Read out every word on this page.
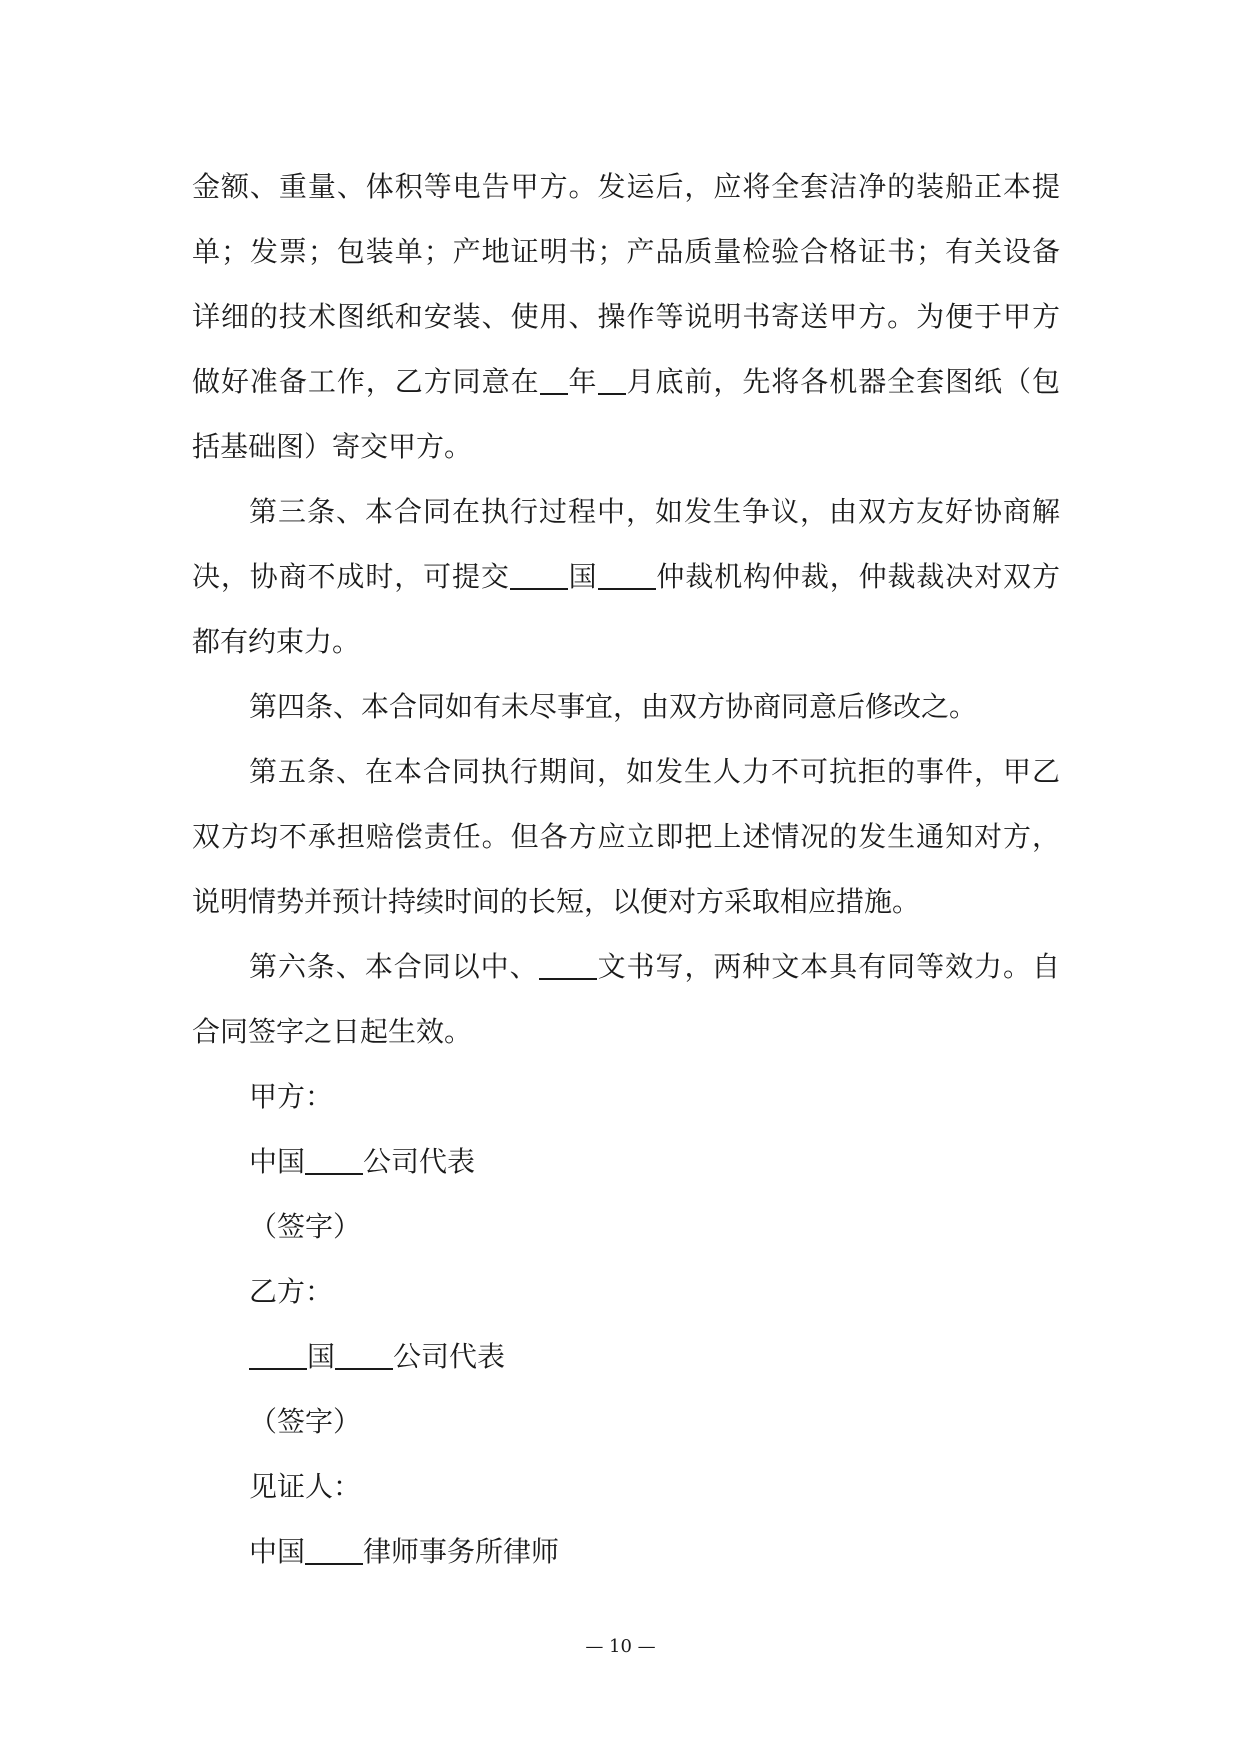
金额、重量、体积等电告甲方。发运后，应将全套洁净的装船正本提
单；发票；包装单；产地证明书；产品质量检验合格证书；有关设备
详细的技术图纸和安装、使用、操作等说明书寄送甲方。为便于甲方
做好准备工作，乙方同意在 年 月底前，先将各机器全套图纸（包
括基础图）寄交甲方。
第三条、本合同在执行过程中，如发生争议，由双方友好协商解
决，协商不成时，可提交 国 仲裁机构仲裁，仲裁裁决对双方
都有约束力。
第四条、本合同如有未尽事宜，由双方协商同意后修改之。
第五条、在本合同执行期间，如发生人力不可抗拒的事件，甲乙
双方均不承担赔偿责任。但各方应立即把上述情况的发生通知对方，
说明情势并预计持续时间的长短，以便对方采取相应措施。
第六条、本合同以中、 文书写，两种文本具有同等效力。自
合同签字之日起生效。
甲方：
中国 公司代表
（签字）
乙方：
国 公司代表
（签字）
见证人：
中国 律师事务所律师
— 10 —
